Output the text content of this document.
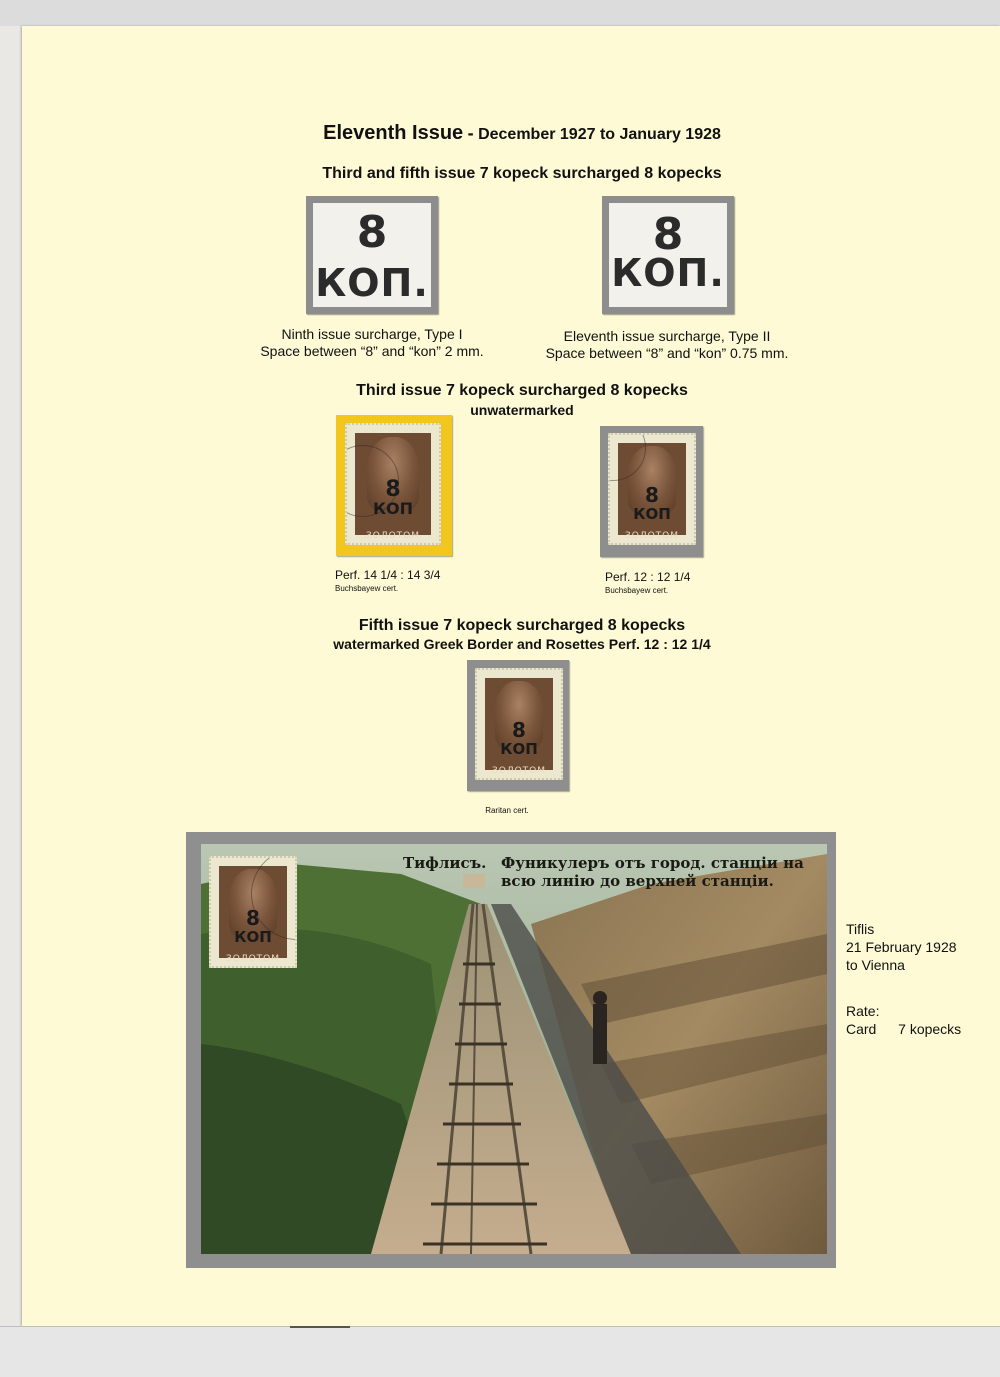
Eleventh Issue - December 1927 to January 1928
Third and fifth issue 7 kopeck surcharged 8 kopecks
8
КОП.
Ninth issue surcharge, Type I
Space between “8” and “kon” 2 mm.
8
КОП.
Eleventh issue surcharge, Type II
Space between “8” and “kon” 0.75 mm.
Third issue 7 kopeck surcharged 8 kopecks
unwatermarked
8
КОП
ЗОЛОТОМ
Perf. 14 1/4 : 14 3/4
Buchsbayew cert.
8
КОП
ЗОЛОТОМ
Perf. 12 : 12 1/4
Buchsbayew cert.
Fifth issue 7 kopeck surcharged 8 kopecks
watermarked Greek Border and Rosettes Perf. 12 : 12 1/4
8
КОП
ЗОЛОТОМ
Raritan cert.
8
КОП
ЗОЛОТОМ
Тифлисъ. Фуникулеръ отъ город. станціи на
всю линію до верхней станціи.
Tiflis
21 February 1928
to Vienna
Rate:
Card 7 kopecks
